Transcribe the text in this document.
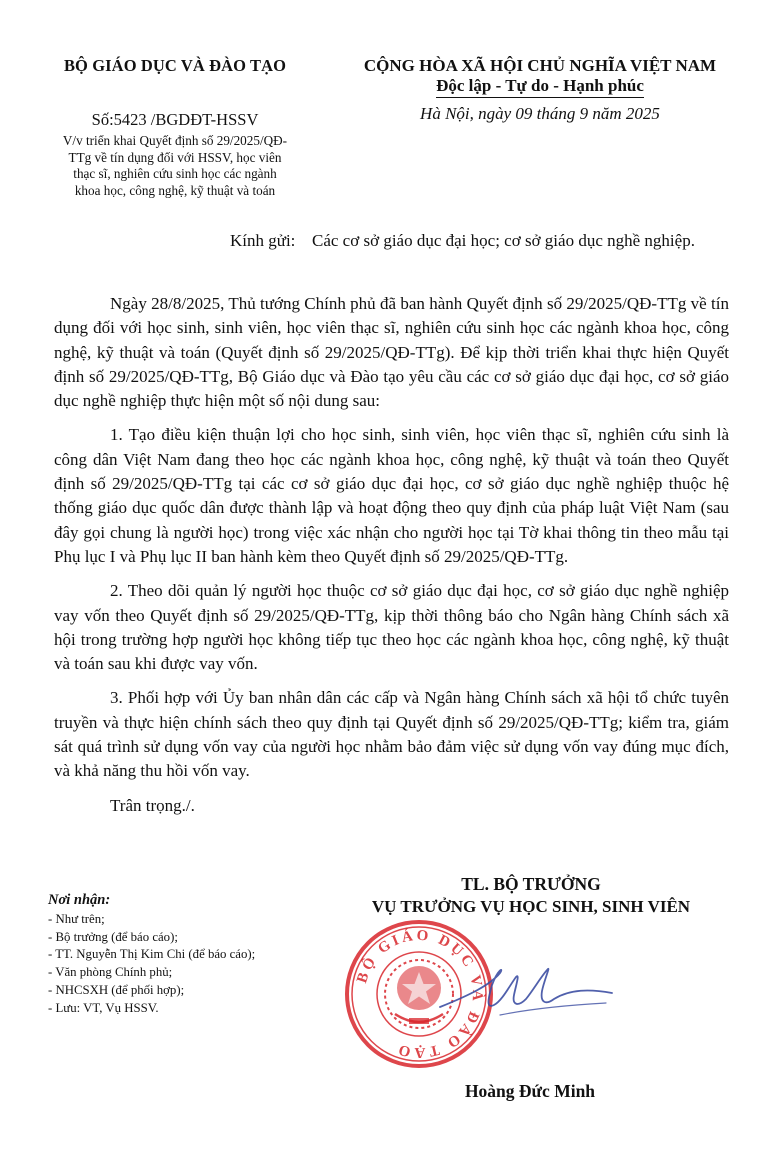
BỘ GIÁO DỤC VÀ ĐÀO TẠO
Số:5423 /BGDĐT-HSSV
V/v triển khai Quyết định số 29/2025/QĐ-
TTg về tín dụng đối với HSSV, học viên
thạc sĩ, nghiên cứu sinh học các ngành
khoa học, công nghệ, kỹ thuật và toán
CỘNG HÒA XÃ HỘI CHỦ NGHĨA VIỆT NAM
Độc lập - Tự do - Hạnh phúc
Hà Nội, ngày 09 tháng 9 năm 2025
Kính gửi: Các cơ sở giáo dục đại học; cơ sở giáo dục nghề nghiệp.

Ngày 28/8/2025, Thủ tướng Chính phủ đã ban hành Quyết định số 29/2025/QĐ-TTg về tín dụng đối với học sinh, sinh viên, học viên thạc sĩ, nghiên cứu sinh học các ngành khoa học, công nghệ, kỹ thuật và toán (Quyết định số 29/2025/QĐ-TTg). Để kịp thời triển khai thực hiện Quyết định số 29/2025/QĐ-TTg, Bộ Giáo dục và Đào tạo yêu cầu các cơ sở giáo dục đại học, cơ sở giáo dục nghề nghiệp thực hiện một số nội dung sau:

1. Tạo điều kiện thuận lợi cho học sinh, sinh viên, học viên thạc sĩ, nghiên cứu sinh là công dân Việt Nam đang theo học các ngành khoa học, công nghệ, kỹ thuật và toán theo Quyết định số 29/2025/QĐ-TTg tại các cơ sở giáo dục đại học, cơ sở giáo dục nghề nghiệp thuộc hệ thống giáo dục quốc dân được thành lập và hoạt động theo quy định của pháp luật Việt Nam (sau đây gọi chung là người học) trong việc xác nhận cho người học tại Tờ khai thông tin theo mẫu tại Phụ lục I và Phụ lục II ban hành kèm theo Quyết định số 29/2025/QĐ-TTg.

2. Theo dõi quản lý người học thuộc cơ sở giáo dục đại học, cơ sở giáo dục nghề nghiệp vay vốn theo Quyết định số 29/2025/QĐ-TTg, kịp thời thông báo cho Ngân hàng Chính sách xã hội trong trường hợp người học không tiếp tục theo học các ngành khoa học, công nghệ, kỹ thuật và toán sau khi được vay vốn.

3. Phối hợp với Ủy ban nhân dân các cấp và Ngân hàng Chính sách xã hội tổ chức tuyên truyền và thực hiện chính sách theo quy định tại Quyết định số 29/2025/QĐ-TTg; kiểm tra, giám sát quá trình sử dụng vốn vay của người học nhằm bảo đảm việc sử dụng vốn vay đúng mục đích, và khả năng thu hồi vốn vay.

Trân trọng./.

Nơi nhận:
- Như trên;
- Bộ trưởng (để báo cáo);
- TT. Nguyễn Thị Kim Chi (để báo cáo);
- Văn phòng Chính phủ;
- NHCSXH (để phối hợp);
- Lưu: VT, Vụ HSSV.
TL. BỘ TRƯỞNG
VỤ TRƯỞNG VỤ HỌC SINH, SINH VIÊN
BỘ GIÁO DỤC VÀ ĐÀO TẠO
Hoàng Đức Minh
